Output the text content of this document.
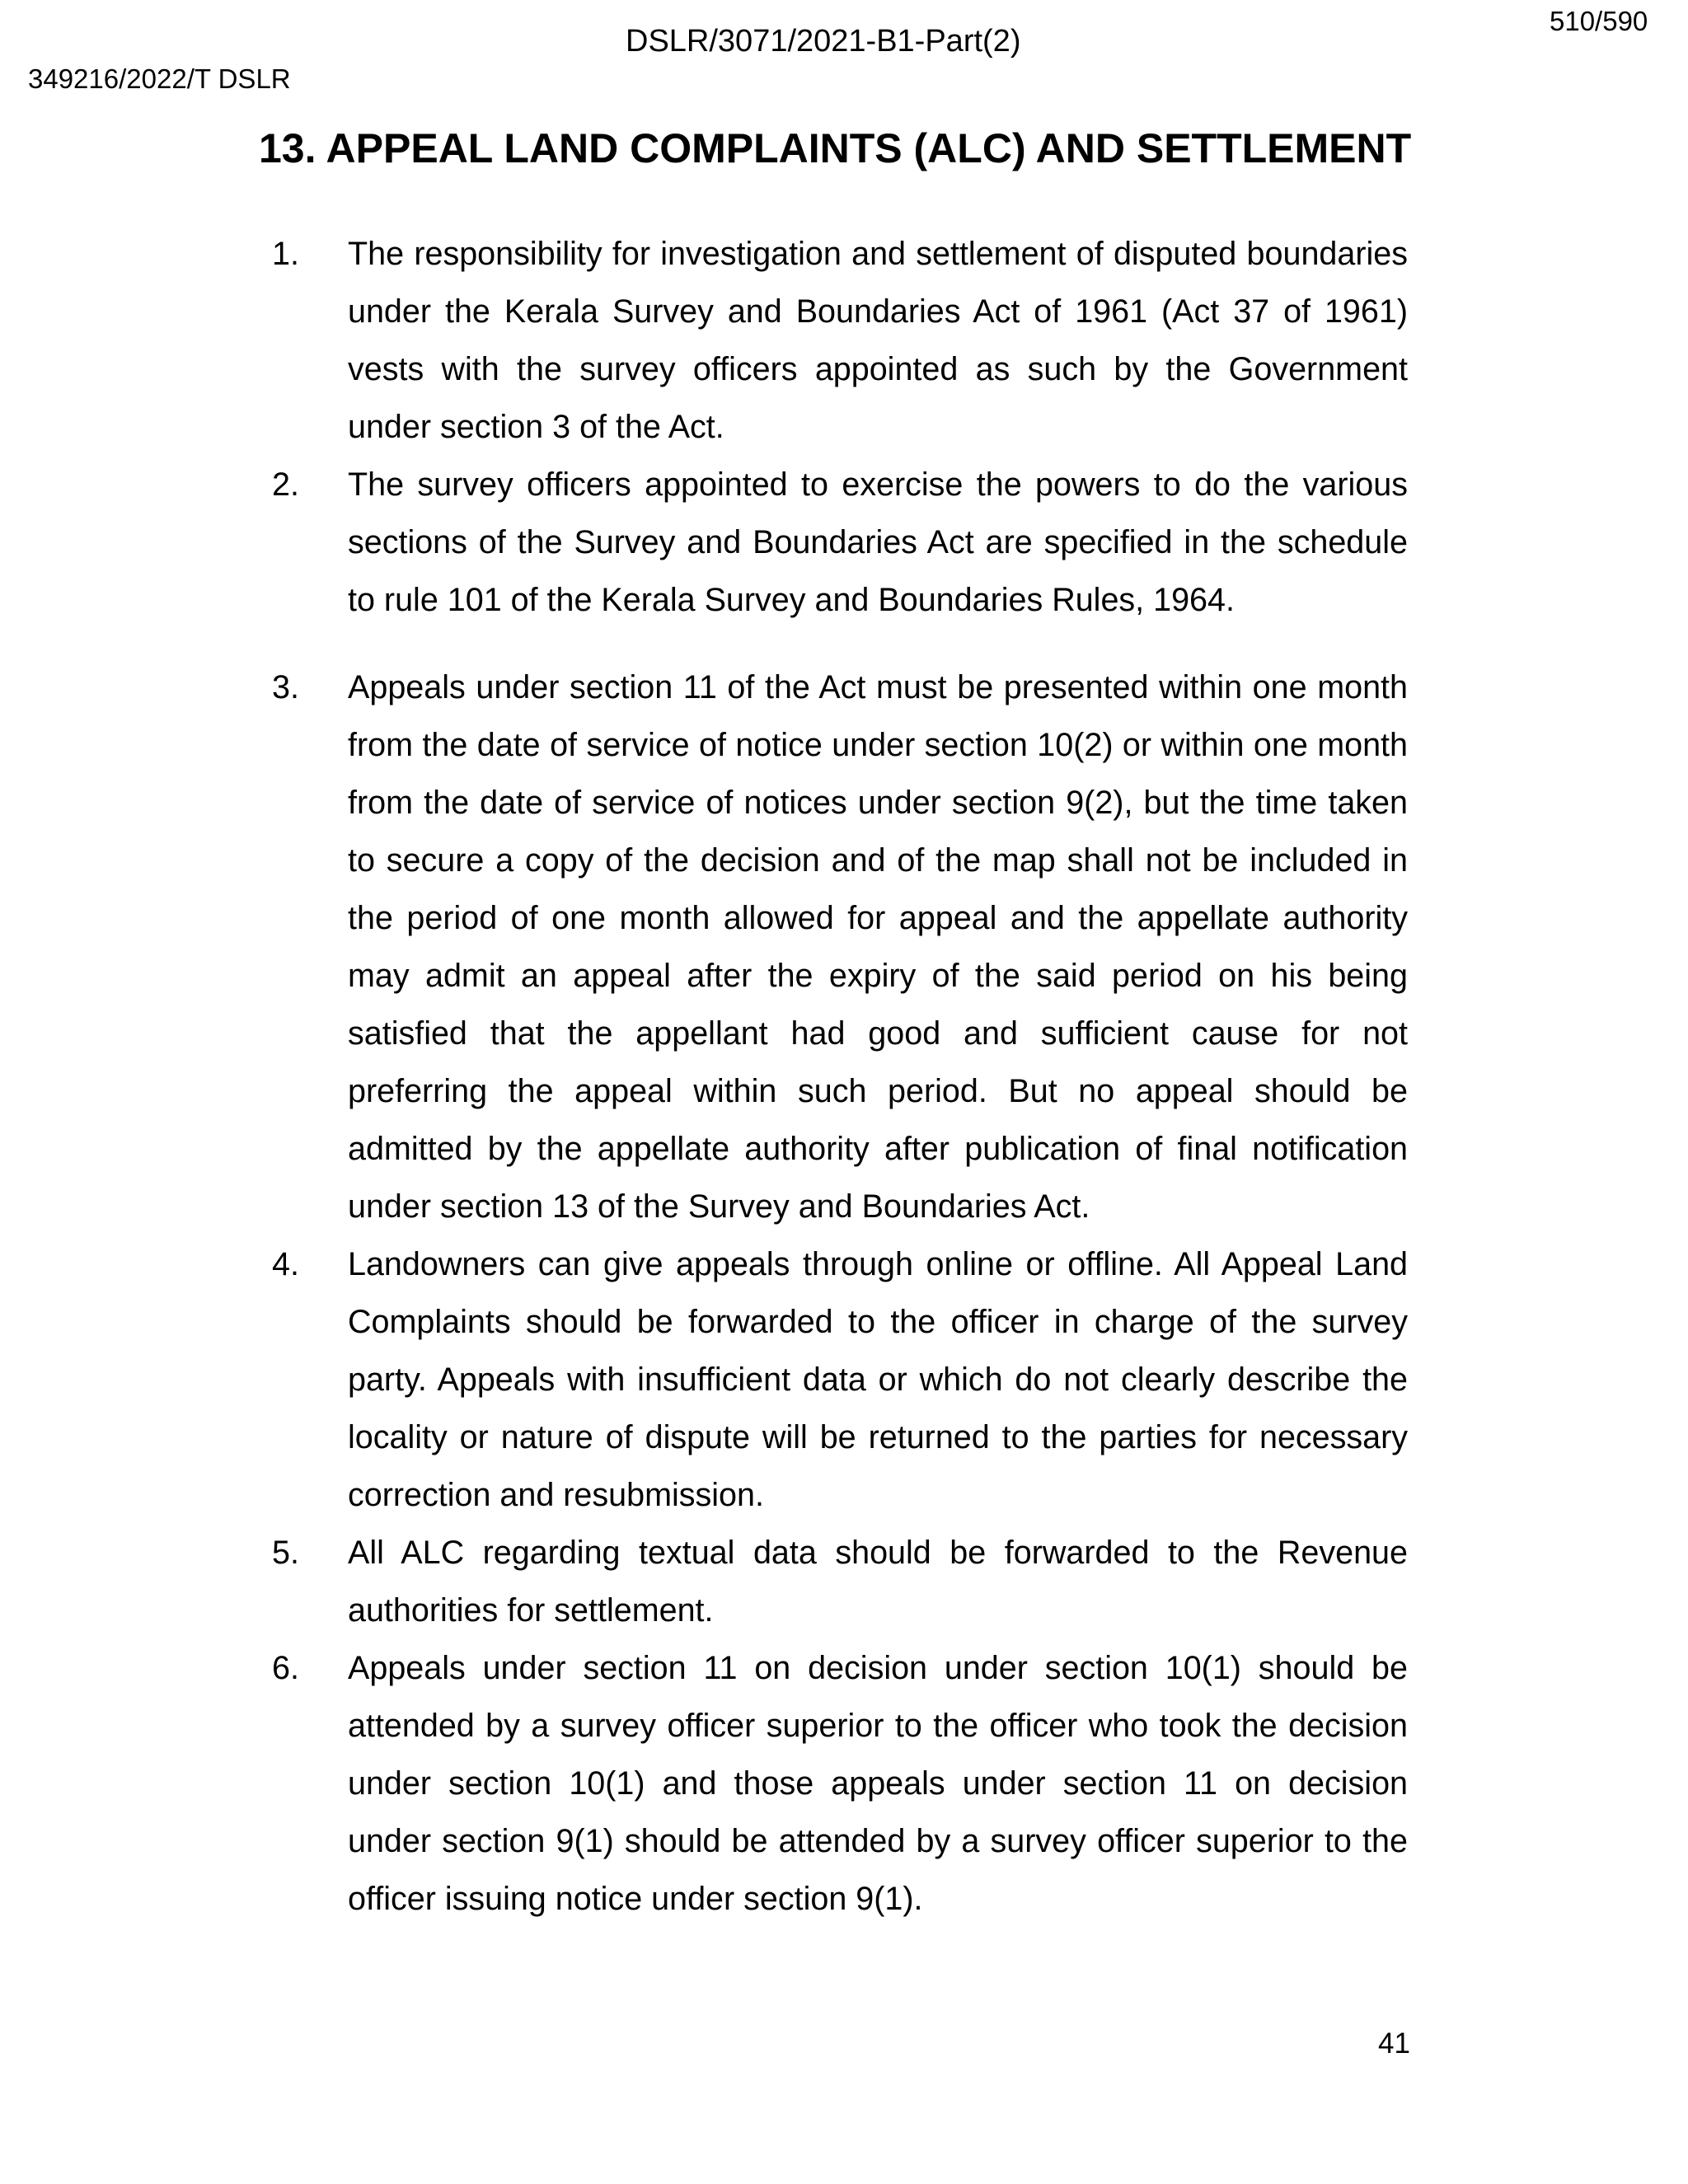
DSLR/3071/2021-B1-Part(2)
510/590
349216/2022/T DSLR
13. APPEAL LAND COMPLAINTS (ALC) AND SETTLEMENT
1.	The responsibility for investigation and settlement of disputed boundaries under the Kerala Survey and Boundaries Act of 1961 (Act 37 of 1961) vests with the survey officers appointed as such by the Government under section 3 of the Act.
2.	The survey officers appointed to exercise the powers to do the various sections of the Survey and Boundaries Act are specified in the schedule to rule 101 of the Kerala Survey and Boundaries Rules, 1964.
3.	Appeals under section 11 of the Act must be presented within one month from the date of service of notice under section 10(2) or within one month from the date of service of notices under section 9(2), but the time taken to secure a copy of the decision and of the map shall not be included in the period of one month allowed for appeal and the appellate authority may admit an appeal after the expiry of the said period on his being satisfied that the appellant had good and sufficient cause for not preferring the appeal within such period. But no appeal should be admitted by the appellate authority after publication of final notification under section 13 of the Survey and Boundaries Act.
4.	Landowners can give appeals through online or offline. All Appeal Land Complaints should be forwarded to the officer in charge of the survey party. Appeals with insufficient data or which do not clearly describe the locality or nature of dispute will be returned to the parties for necessary correction and resubmission.
5.	All ALC regarding textual data should be forwarded to the Revenue authorities for settlement.
6.	Appeals under section 11 on decision under section 10(1) should be attended by a survey officer superior to the officer who took the decision under section 10(1) and those appeals under section 11 on decision under section 9(1) should be attended by a survey officer superior to the officer issuing notice under section 9(1).
41
